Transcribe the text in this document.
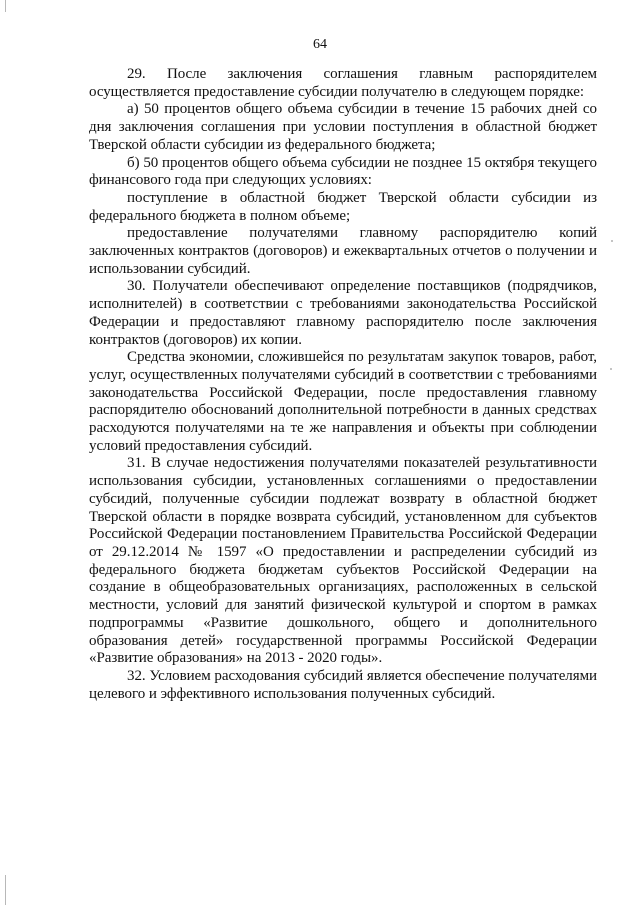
64

29. После заключения соглашения главным распорядителем осуществляется предоставление субсидии получателю в следующем порядке:

а) 50 процентов общего объема субсидии в течение 15 рабочих дней со дня заключения соглашения при условии поступления в областной бюджет Тверской области субсидии из федерального бюджета;

б) 50 процентов общего объема субсидии не позднее 15 октября текущего финансового года при следующих условиях:

поступление в областной бюджет Тверской области субсидии из федерального бюджета в полном объеме;

предоставление получателями главному распорядителю копий заключенных контрактов (договоров) и ежеквартальных отчетов о получении и использовании субсидий.

30. Получатели обеспечивают определение поставщиков (подрядчиков, исполнителей) в соответствии с требованиями законодательства Российской Федерации и предоставляют главному распорядителю после заключения контрактов (договоров) их копии.

Средства экономии, сложившейся по результатам закупок товаров, работ, услуг, осуществленных получателями субсидий в соответствии с требованиями законодательства Российской Федерации, после предоставления главному распорядителю обоснований дополнительной потребности в данных средствах расходуются получателями на те же направления и объекты при соблюдении условий предоставления субсидий.

31. В случае недостижения получателями показателей результативности использования субсидии, установленных соглашениями о предоставлении субсидий, полученные субсидии подлежат возврату в областной бюджет Тверской области в порядке возврата субсидий, установленном для субъектов Российской Федерации постановлением Правительства Российской Федерации от 29.12.2014 № 1597 «О предоставлении и распределении субсидий из федерального бюджета бюджетам субъектов Российской Федерации на создание в общеобразовательных организациях, расположенных в сельской местности, условий для занятий физической культурой и спортом в рамках подпрограммы «Развитие дошкольного, общего и дополнительного образования детей» государственной программы Российской Федерации «Развитие образования» на 2013 - 2020 годы».

32. Условием расходования субсидий является обеспечение получателями целевого и эффективного использования полученных субсидий.
